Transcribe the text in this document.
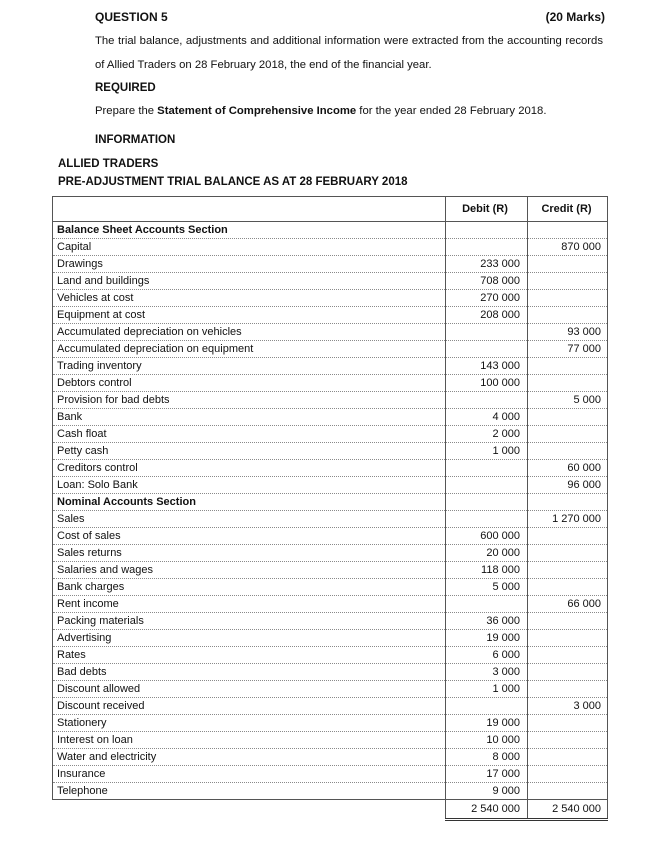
QUESTION 5	(20 Marks)
The trial balance, adjustments and additional information were extracted from the accounting records of Allied Traders on 28 February 2018, the end of the financial year.
REQUIRED
Prepare the Statement of Comprehensive Income for the year ended 28 February 2018.
INFORMATION
ALLIED TRADERS
PRE-ADJUSTMENT TRIAL BALANCE AS AT 28 FEBRUARY 2018
	Debit (R)	Credit (R)
Balance Sheet Accounts Section		
Capital		870 000
Drawings	233 000	
Land and buildings	708 000	
Vehicles at cost	270 000	
Equipment at cost	208 000	
Accumulated depreciation on vehicles		93 000
Accumulated depreciation on equipment		77 000
Trading inventory	143 000	
Debtors control	100 000	
Provision for bad debts		5 000
Bank	4 000	
Cash float	2 000	
Petty cash	1 000	
Creditors control		60 000
Loan: Solo Bank		96 000
Nominal Accounts Section		
Sales		1 270 000
Cost of sales	600 000	
Sales returns	20 000	
Salaries and wages	118 000	
Bank charges	5 000	
Rent income		66 000
Packing materials	36 000	
Advertising	19 000	
Rates	6 000	
Bad debts	3 000	
Discount allowed	1 000	
Discount received		3 000
Stationery	19 000	
Interest on loan	10 000	
Water and electricity	8 000	
Insurance	17 000	
Telephone	9 000	
	2 540 000	2 540 000
